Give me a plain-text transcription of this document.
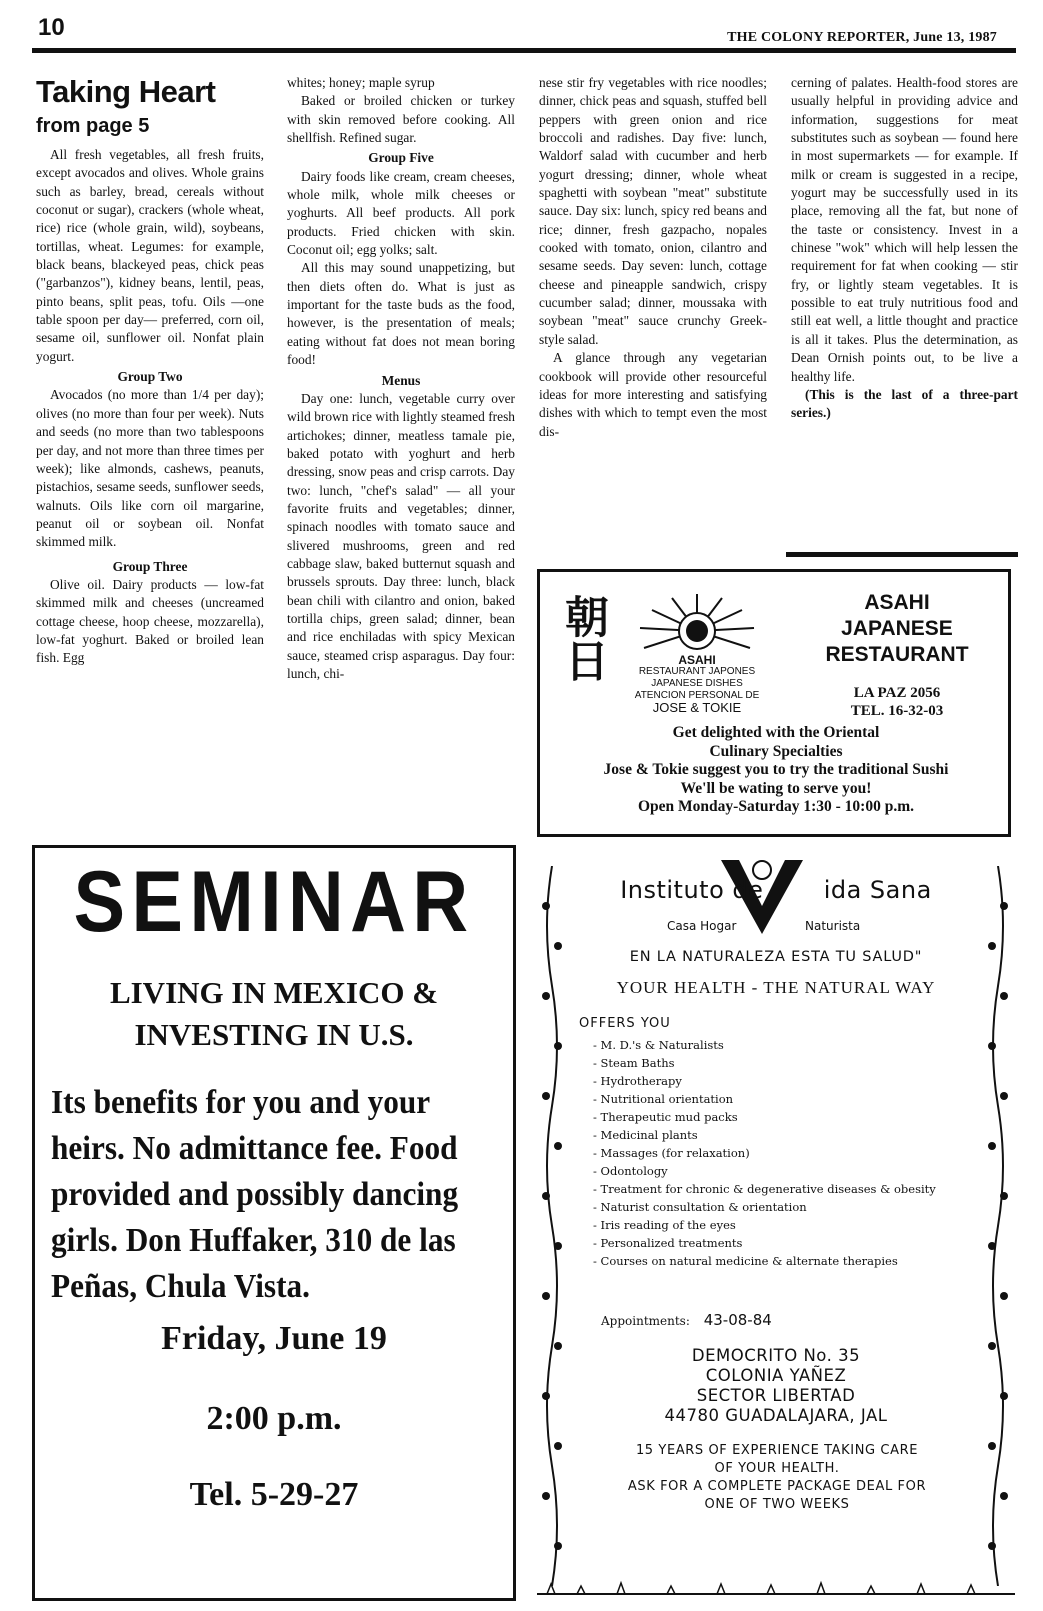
10	THE COLONY REPORTER, June 13, 1987
Taking Heart
from page 5

All fresh vegetables, all fresh fruits, except avocados and olives. Whole grains such as barley, bread, cereals without coconut or sugar), crackers (whole wheat, rice) rice (whole grain, wild), soybeans, tortillas, wheat. Legumes: for example, black beans, blackeyed peas, chick peas ("garbanzos"), kidney beans, lentil, peas, pinto beans, split peas, tofu. Oils —one table spoon per day— preferred, corn oil, sesame oil, sunflower oil. Nonfat plain yogurt.

Group Two

Avocados (no more than 1/4 per day); olives (no more than four per week). Nuts and seeds (no more than two tablespoons per day, and not more than three times per week); like almonds, cashews, peanuts, pistachios, sesame seeds, sunflower seeds, walnuts. Oils like corn oil margarine, peanut oil or soybean oil. Nonfat skimmed milk.

Group Three

Olive oil. Dairy products — low-fat skimmed milk and cheeses (uncreamed cottage cheese, hoop cheese, mozzarella), low-fat yoghurt. Baked or broiled lean fish. Egg

whites; honey; maple syrup

Baked or broiled chicken or turkey with skin removed before cooking. All shellfish. Refined sugar.

Group Five

Dairy foods like cream, cream cheeses, whole milk, whole milk cheeses or yoghurts. All beef products. All pork products. Fried chicken with skin. Coconut oil; egg yolks; salt.

All this may sound unappetizing, but then diets often do. What is just as important for the taste buds as the food, however, is the presentation of meals; eating without fat does not mean boring food!

Menus

Day one: lunch, vegetable curry over wild brown rice with lightly steamed fresh artichokes; dinner, meatless tamale pie, baked potato with yoghurt and herb dressing, snow peas and crisp carrots. Day two: lunch, "chef's salad" — all your favorite fruits and vegetables; dinner, spinach noodles with tomato sauce and slivered mushrooms, green and red cabbage slaw, baked butternut squash and brussels sprouts. Day three: lunch, black bean chili with cilantro and onion, baked tortilla chips, green salad; dinner, bean and rice enchiladas with spicy Mexican sauce, steamed crisp asparagus. Day four: lunch, chi-

nese stir fry vegetables with rice noodles; dinner, chick peas and squash, stuffed bell peppers with green onion and rice broccoli and radishes. Day five: lunch, Waldorf salad with cucumber and herb yogurt dressing; dinner, whole wheat spaghetti with soybean "meat" substitute sauce. Day six: lunch, spicy red beans and rice; dinner, fresh gazpacho, nopales cooked with tomato, onion, cilantro and sesame seeds. Day seven: lunch, cottage cheese and pineapple sandwich, crispy cucumber salad; dinner, moussaka with soybean "meat" sauce crunchy Greek-style salad.

A glance through any vegetarian cookbook will provide other resourceful ideas for more interesting and satisfying dishes with which to tempt even the most dis-

cerning of palates. Health-food stores are usually helpful in providing advice and information, suggestions for meat substitutes such as soybean — found here in most supermarkets — for example. If milk or cream is suggested in a recipe, yogurt may be successfully used in its place, removing all the fat, but none of the taste or consistency. Invest in a chinese "wok" which will help lessen the requirement for fat when cooking — stir fry, or lightly steam vegetables. It is possible to eat truly nutritious food and still eat well, a little thought and practice is all it takes. Plus the determination, as Dean Ornish points out, to be live a healthy life.

(This is the last of a three-part series.)

朝日	ASAHI
RESTAURANT JAPONES
JAPANESE DISHES
ATENCION PERSONAL DE
JOSE & TOKIE
ASAHI
JAPANESE
RESTAURANT
LA PAZ 2056
TEL. 16-32-03
Get delighted with the Oriental
Culinary Specialties
Jose & Tokie suggest you to try the traditional Sushi
We'll be wating to serve you!
Open Monday-Saturday 1:30 - 10:00 p.m.
SEMINAR
LIVING IN MEXICO &
INVESTING IN U.S.
Its benefits for you and your heirs. No admittance fee. Food provided and possibly dancing girls. Don Huffaker, 310 de las Peñas, Chula Vista.
Friday, June 19
2:00 p.m.
Tel. 5-29-27
Instituto de	ida Sana
Casa Hogar	Naturista
EN LA NATURALEZA ESTA TU SALUD"
YOUR HEALTH - THE NATURAL WAY
OFFERS YOU
- M. D.'s & Naturalists
- Steam Baths
- Hydrotherapy
- Nutritional orientation
- Therapeutic mud packs
- Medicinal plants
- Massages (for relaxation)
- Odontology
- Treatment for chronic & degenerative diseases & obesity
- Naturist consultation & orientation
- Iris reading of the eyes
- Personalized treatments
- Courses on natural medicine & alternate therapies
Appointments: 43-08-84
DEMOCRITO No. 35
COLONIA YAÑEZ
SECTOR LIBERTAD
44780 GUADALAJARA, JAL
15 YEARS OF EXPERIENCE TAKING CARE
OF YOUR HEALTH.
ASK FOR A COMPLETE PACKAGE DEAL FOR
ONE OF TWO WEEKS
